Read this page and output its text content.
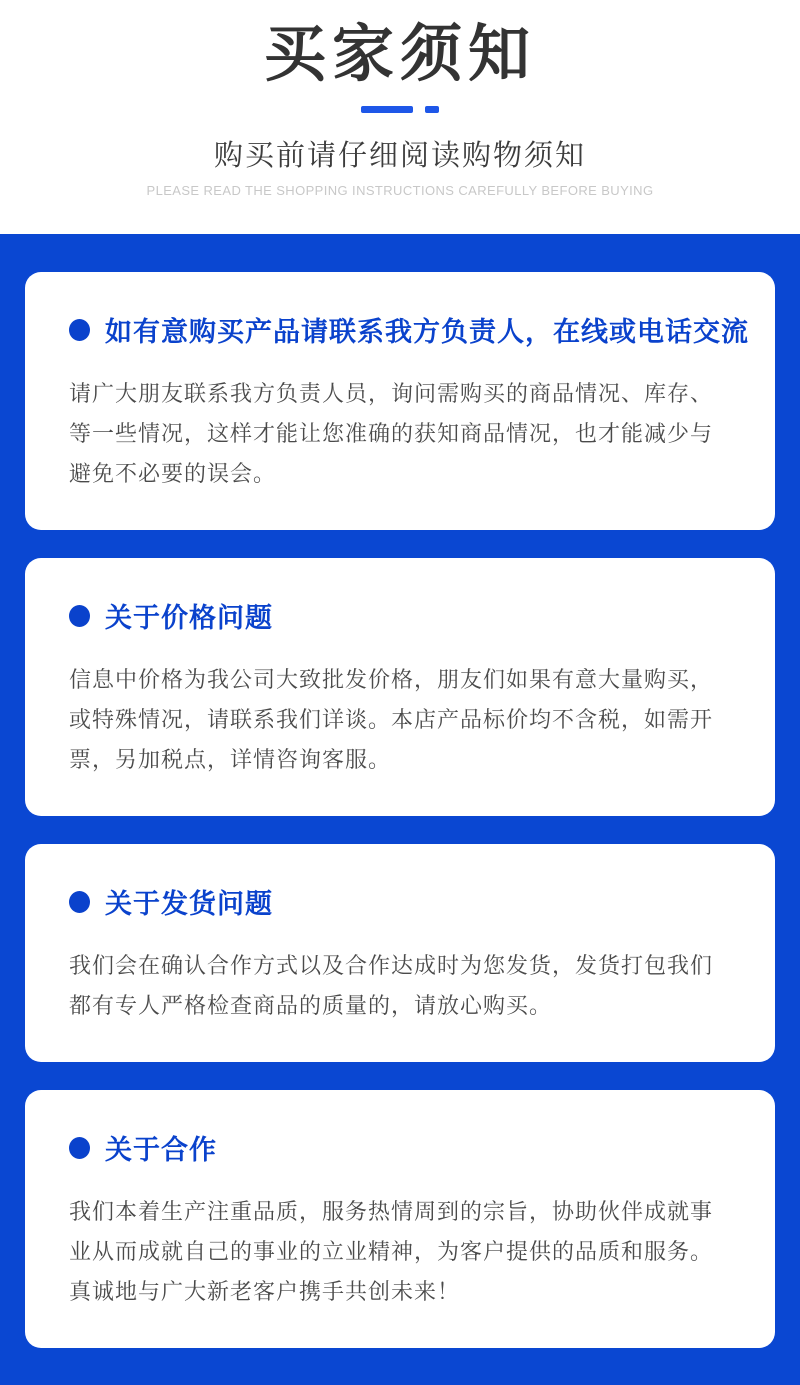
买家须知
购买前请仔细阅读购物须知
PLEASE READ THE SHOPPING INSTRUCTIONS CAREFULLY BEFORE BUYING
如有意购买产品请联系我方负责人，在线或电话交流
请广大朋友联系我方负责人员，询问需购买的商品情况、库存、等一些情况，这样才能让您准确的获知商品情况，也才能减少与避免不必要的误会。
关于价格问题
信息中价格为我公司大致批发价格，朋友们如果有意大量购买，或特殊情况，请联系我们详谈。本店产品标价均不含税，如需开票，另加税点，详情咨询客服。
关于发货问题
我们会在确认合作方式以及合作达成时为您发货，发货打包我们都有专人严格检查商品的质量的，请放心购买。
关于合作
我们本着生产注重品质，服务热情周到的宗旨，协助伙伴成就事业从而成就自己的事业的立业精神，为客户提供的品质和服务。真诚地与广大新老客户携手共创未来！
